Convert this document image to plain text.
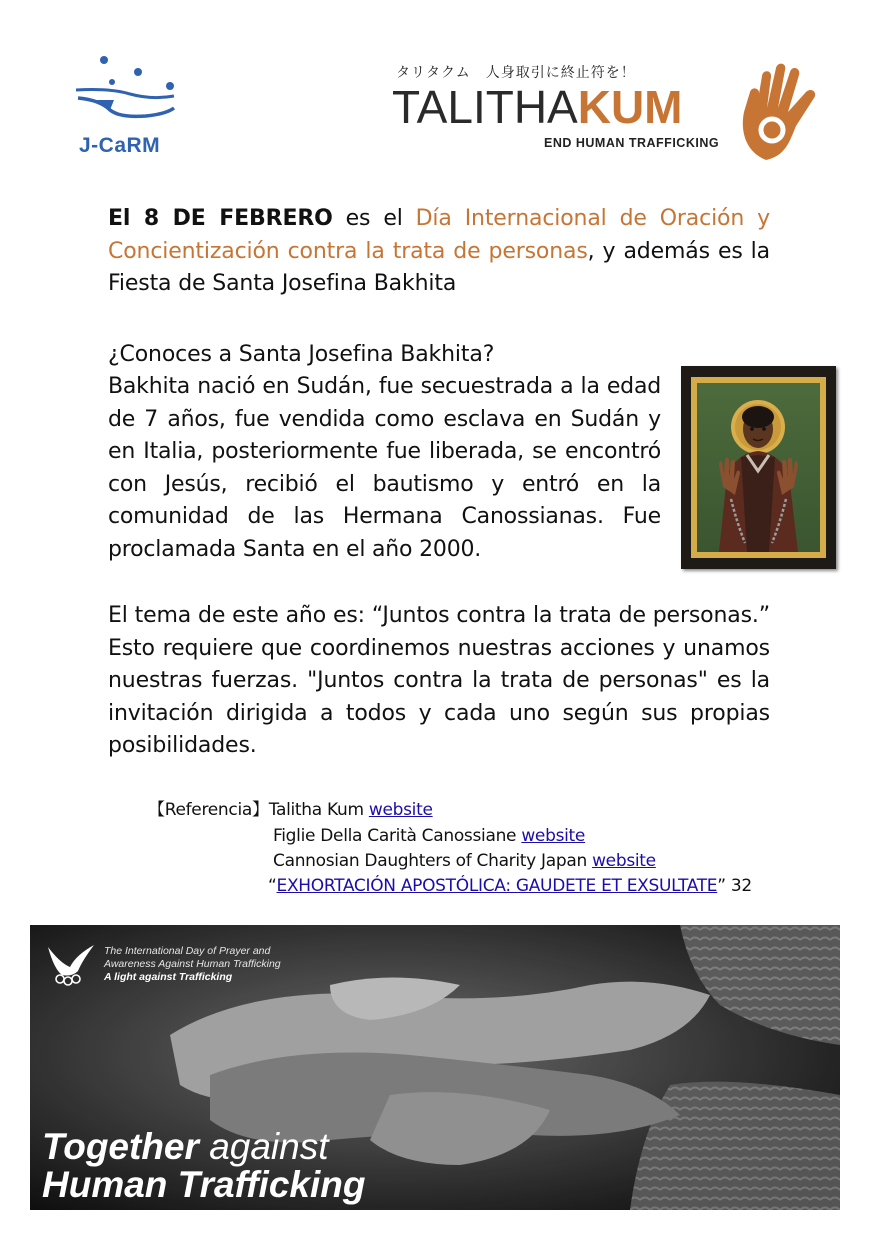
J-CaRM
タリタクム　人身取引に終止符を！
TALITHAKUM
END HUMAN TRAFFICKING
El 8 DE FEBRERO es el Día Internacional de Oración y Concientización contra la trata de personas, y además es la Fiesta de Santa Josefina Bakhita
¿Conoces a Santa Josefina Bakhita?
Bakhita nació en Sudán, fue secuestrada a la edad de 7 años, fue vendida como esclava en Sudán y en Italia, posteriormente fue liberada, se encontró con Jesús, recibió el bautismo y entró en la comunidad de las Hermana Canossianas. Fue proclamada Santa en el año 2000.
El tema de este año es: “Juntos contra la trata de personas.” Esto requiere que coordinemos nuestras acciones y unamos nuestras fuerzas. "Juntos contra la trata de personas" es la invitación dirigida a todos y cada uno según sus propias posibilidades.
【Referencia】Talitha Kum website
Figlie Della Carità Canossiane website
Cannosian Daughters of Charity Japan website
“EXHORTACIÓN APOSTÓLICA: GAUDETE ET EXSULTATE” 32
The International Day of Prayer and
Awareness Against Human Trafficking
A light against Trafficking
Together against
Human Trafficking
